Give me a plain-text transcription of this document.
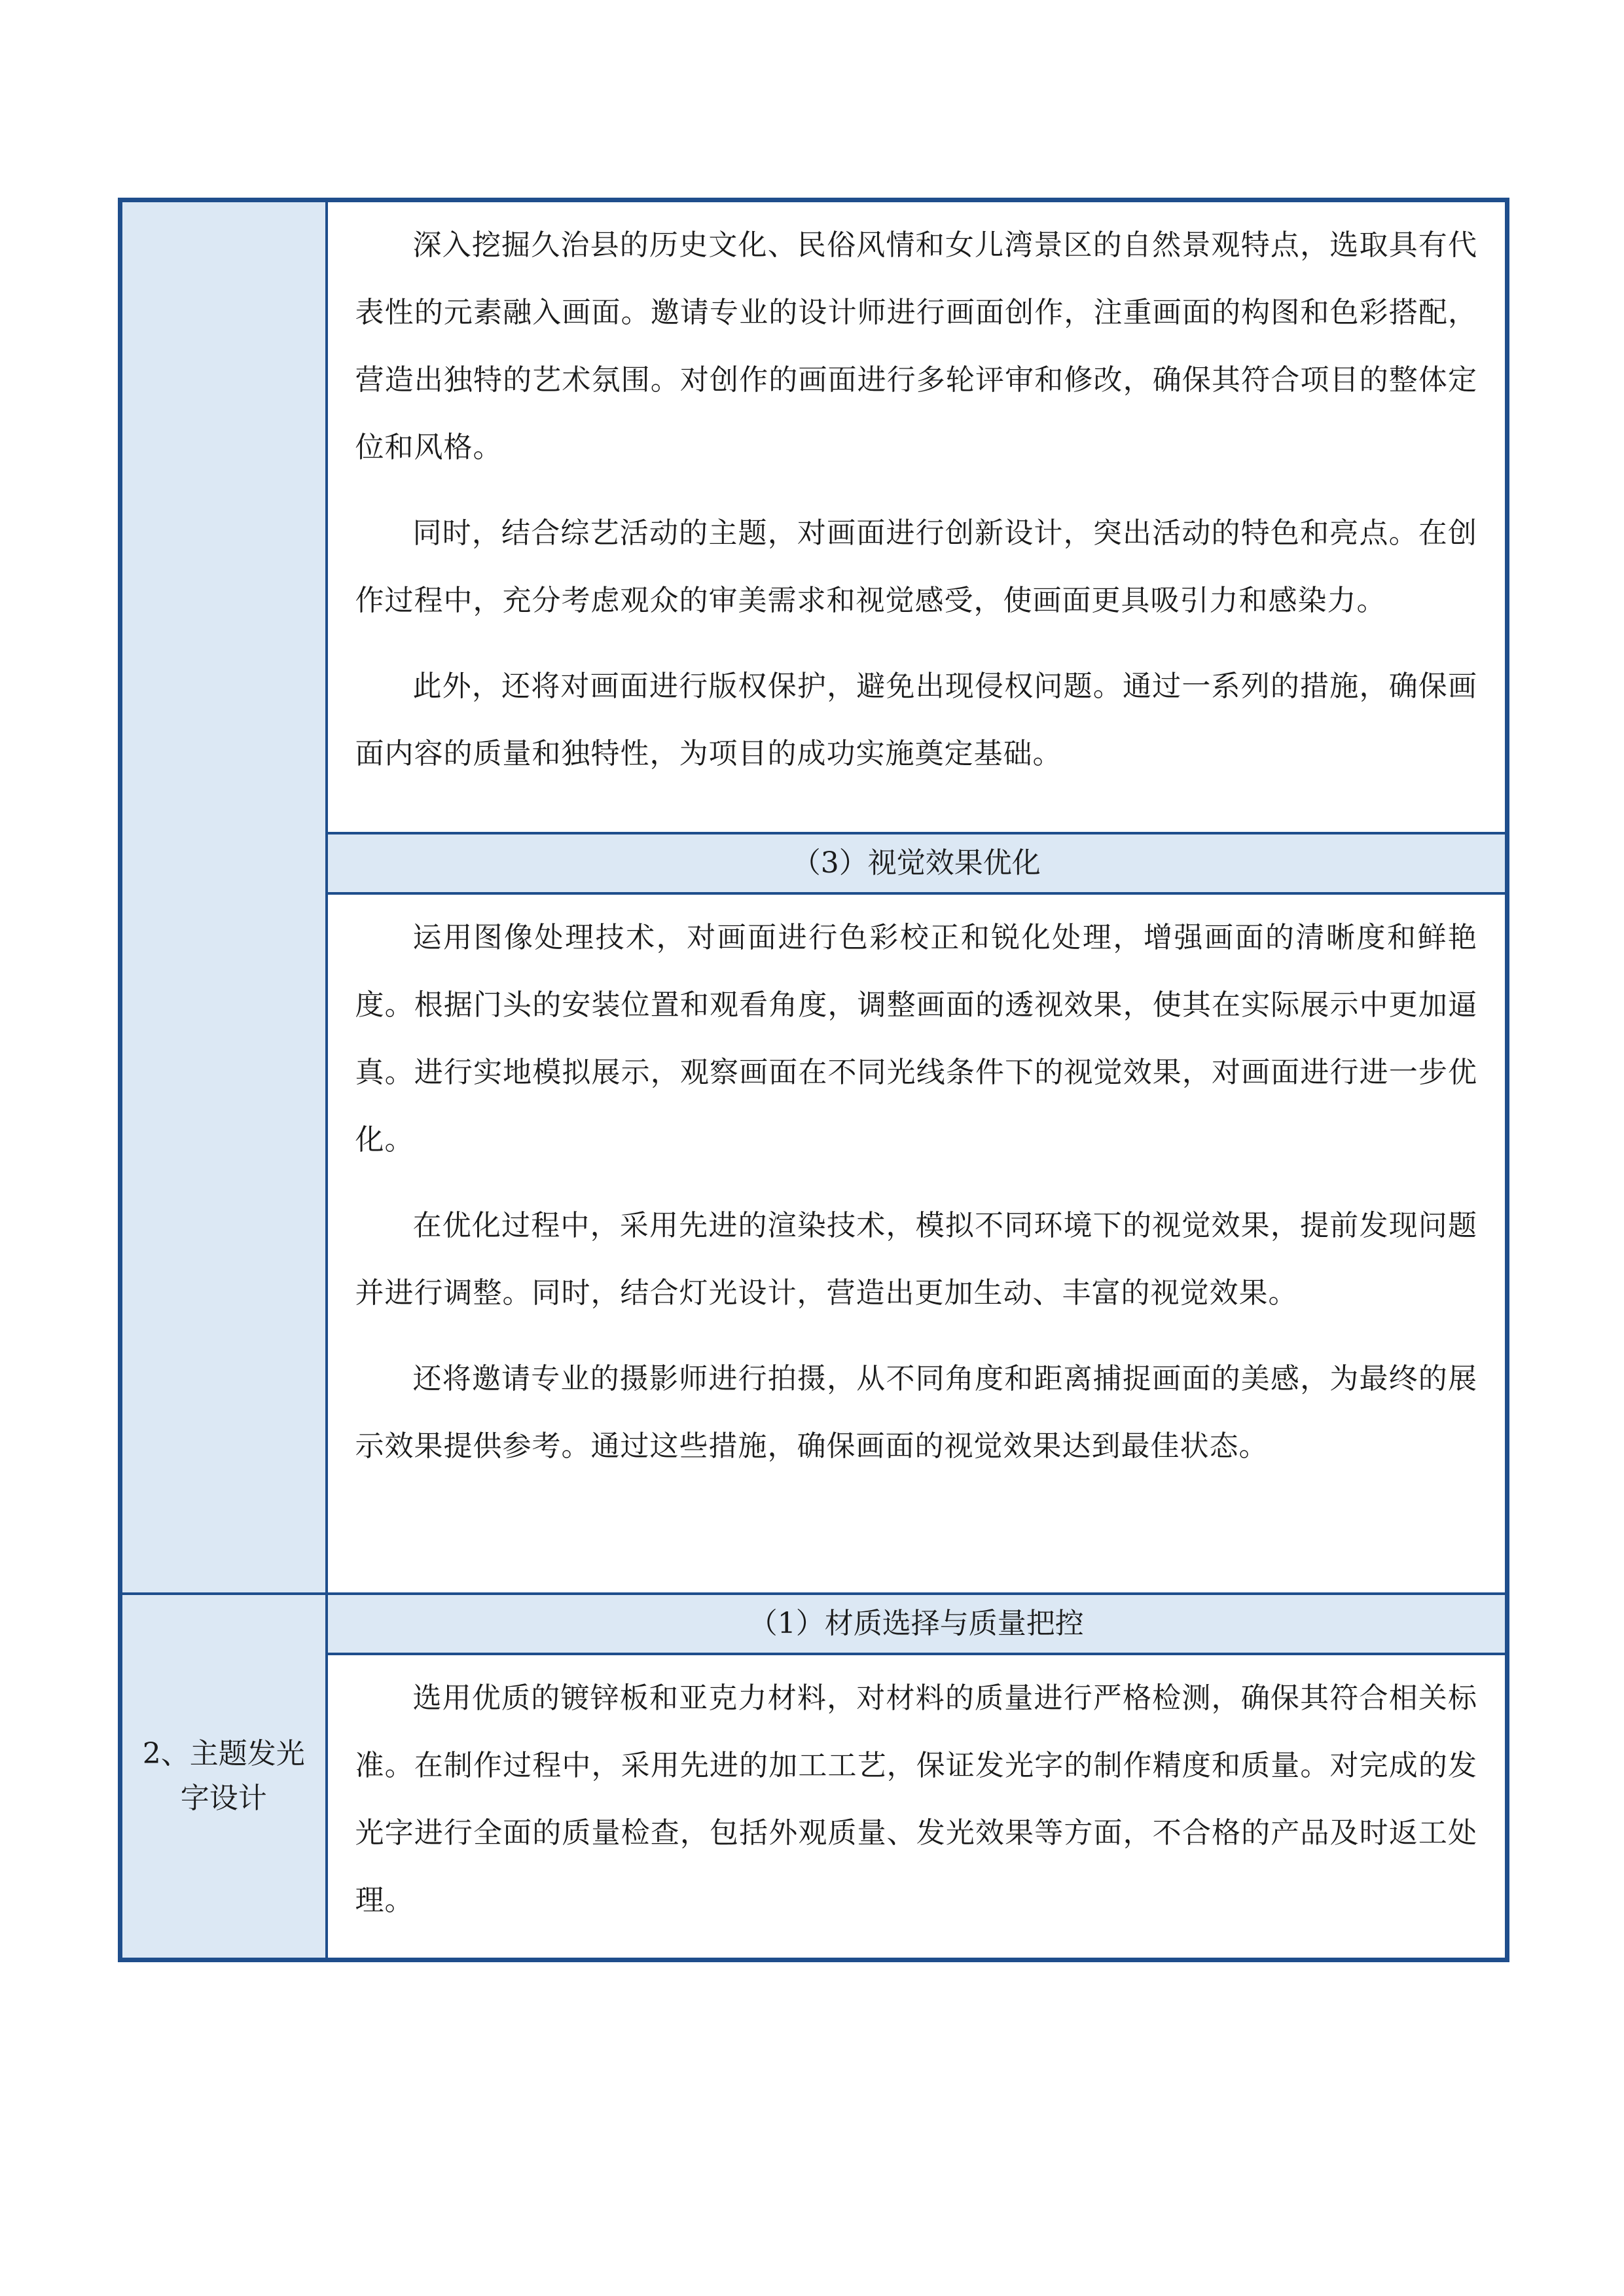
	深入挖掘久治县的历史文化、民俗风情和女儿湾景区的自然景观特点，选取具有代表性的元素融入画面。邀请专业的设计师进行画面创作，注重画面的构图和色彩搭配，营造出独特的艺术氛围。对创作的画面进行多轮评审和修改，确保其符合项目的整体定位和风格。

同时，结合综艺活动的主题，对画面进行创新设计，突出活动的特色和亮点。在创作过程中，充分考虑观众的审美需求和视觉感受，使画面更具吸引力和感染力。

此外，还将对画面进行版权保护，避免出现侵权问题。通过一系列的措施，确保画面内容的质量和独特性，为项目的成功实施奠定基础。

	（3）视觉效果优化

	运用图像处理技术，对画面进行色彩校正和锐化处理，增强画面的清晰度和鲜艳度。根据门头的安装位置和观看角度，调整画面的透视效果，使其在实际展示中更加逼真。进行实地模拟展示，观察画面在不同光线条件下的视觉效果，对画面进行进一步优化。

在优化过程中，采用先进的渲染技术，模拟不同环境下的视觉效果，提前发现问题并进行调整。同时，结合灯光设计，营造出更加生动、丰富的视觉效果。

还将邀请专业的摄影师进行拍摄，从不同角度和距离捕捉画面的美感，为最终的展示效果提供参考。通过这些措施，确保画面的视觉效果达到最佳状态。

2、主题发光字设计	（1）材质选择与质量把控

	选用优质的镀锌板和亚克力材料，对材料的质量进行严格检测，确保其符合相关标准。在制作过程中，采用先进的加工工艺，保证发光字的制作精度和质量。对完成的发光字进行全面的质量检查，包括外观质量、发光效果等方面，不合格的产品及时返工处理。
